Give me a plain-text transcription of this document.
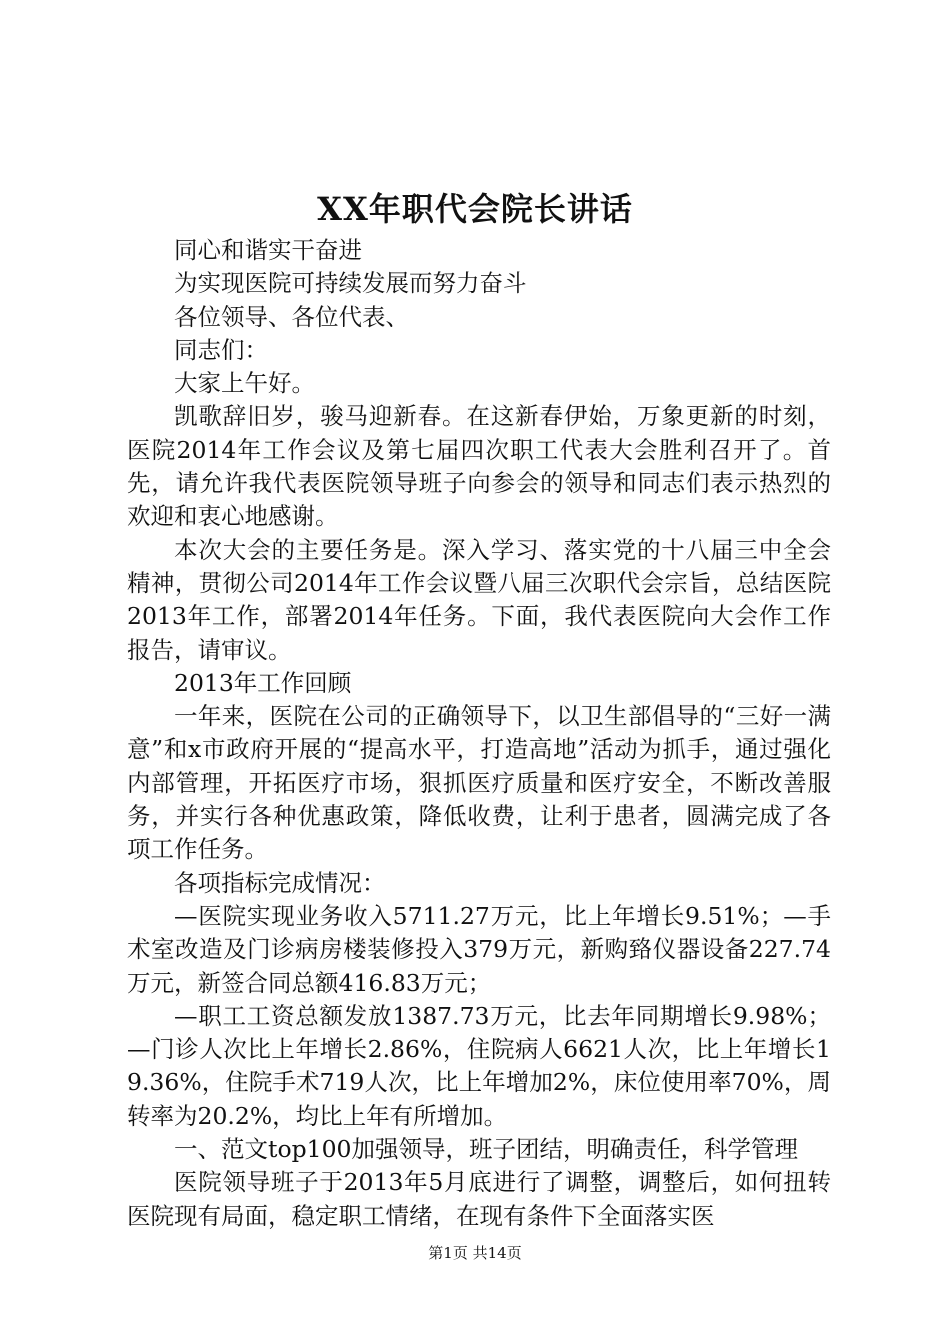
XX年职代会院长讲话

同心和谐实干奋进

为实现医院可持续发展而努力奋斗

各位领导、各位代表、

同志们：

大家上午好。

凯歌辞旧岁，骏马迎新春。在这新春伊始，万象更新的时刻，医院2014年工作会议及第七届四次职工代表大会胜利召开了。首先，请允许我代表医院领导班子向参会的领导和同志们表示热烈的欢迎和衷心地感谢。

本次大会的主要任务是。深入学习、落实党的十八届三中全会精神，贯彻公司2014年工作会议暨八届三次职代会宗旨，总结医院2013年工作，部署2014年任务。下面，我代表医院向大会作工作报告，请审议。

2013年工作回顾

一年来，医院在公司的正确领导下，以卫生部倡导的“三好一满意”和x市政府开展的“提高水平，打造高地”活动为抓手，通过强化内部管理，开拓医疗市场，狠抓医疗质量和医疗安全，不断改善服务，并实行各种优惠政策，降低收费，让利于患者，圆满完成了各项工作任务。

各项指标完成情况：

—医院实现业务收入5711.27万元，比上年增长9.51%；—手术室改造及门诊病房楼装修投入379万元，新购臵仪器设备227.74万元，新签合同总额416.83万元；

—职工工资总额发放1387.73万元，比去年同期增长9.98%；—门诊人次比上年增长2.86%，住院病人6621人次，比上年增长19.36%，住院手术719人次，比上年增加2%，床位使用率70%，周转率为20.2%，均比上年有所增加。

一、范文top100加强领导，班子团结，明确责任，科学管理

医院领导班子于2013年5月底进行了调整，调整后，如何扭转医院现有局面，稳定职工情绪，在现有条件下全面落实医

第1页 共14页
